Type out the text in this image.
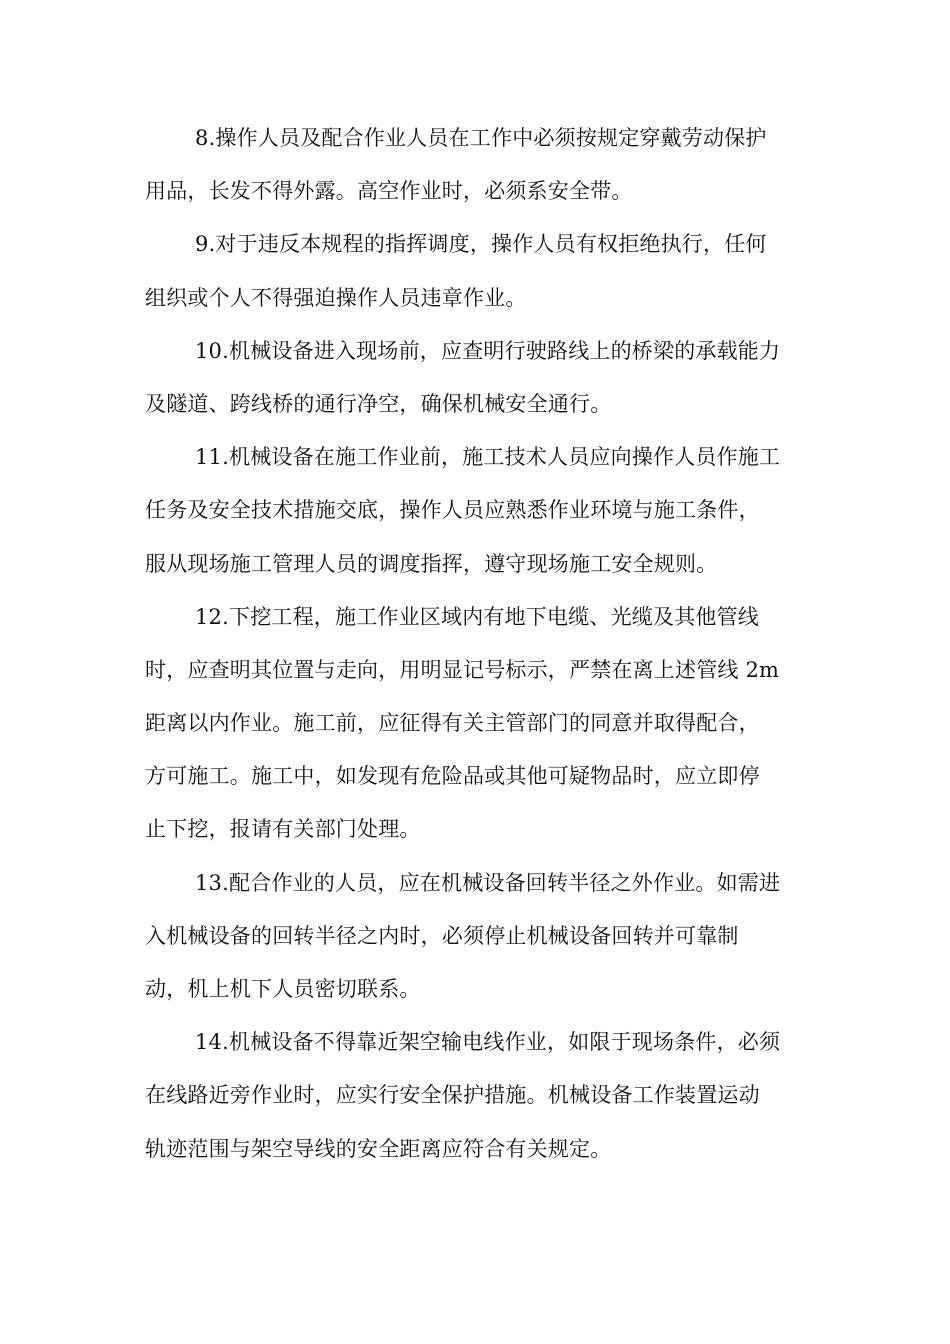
8.操作人员及配合作业人员在工作中必须按规定穿戴劳动保护
用品，长发不得外露。高空作业时，必须系安全带。
9.对于违反本规程的指挥调度，操作人员有权拒绝执行，任何
组织或个人不得强迫操作人员违章作业。
10.机械设备进入现场前，应查明行驶路线上的桥梁的承载能力
及隧道、跨线桥的通行净空，确保机械安全通行。
11.机械设备在施工作业前，施工技术人员应向操作人员作施工
任务及安全技术措施交底，操作人员应熟悉作业环境与施工条件，
服从现场施工管理人员的调度指挥，遵守现场施工安全规则。
12.下挖工程，施工作业区域内有地下电缆、光缆及其他管线
时，应查明其位置与走向，用明显记号标示，严禁在离上述管线 2m
距离以内作业。施工前，应征得有关主管部门的同意并取得配合，
方可施工。施工中，如发现有危险品或其他可疑物品时，应立即停
止下挖，报请有关部门处理。
13.配合作业的人员，应在机械设备回转半径之外作业。如需进
入机械设备的回转半径之内时，必须停止机械设备回转并可靠制
动，机上机下人员密切联系。
14.机械设备不得靠近架空输电线作业，如限于现场条件，必须
在线路近旁作业时，应实行安全保护措施。机械设备工作装置运动
轨迹范围与架空导线的安全距离应符合有关规定。
